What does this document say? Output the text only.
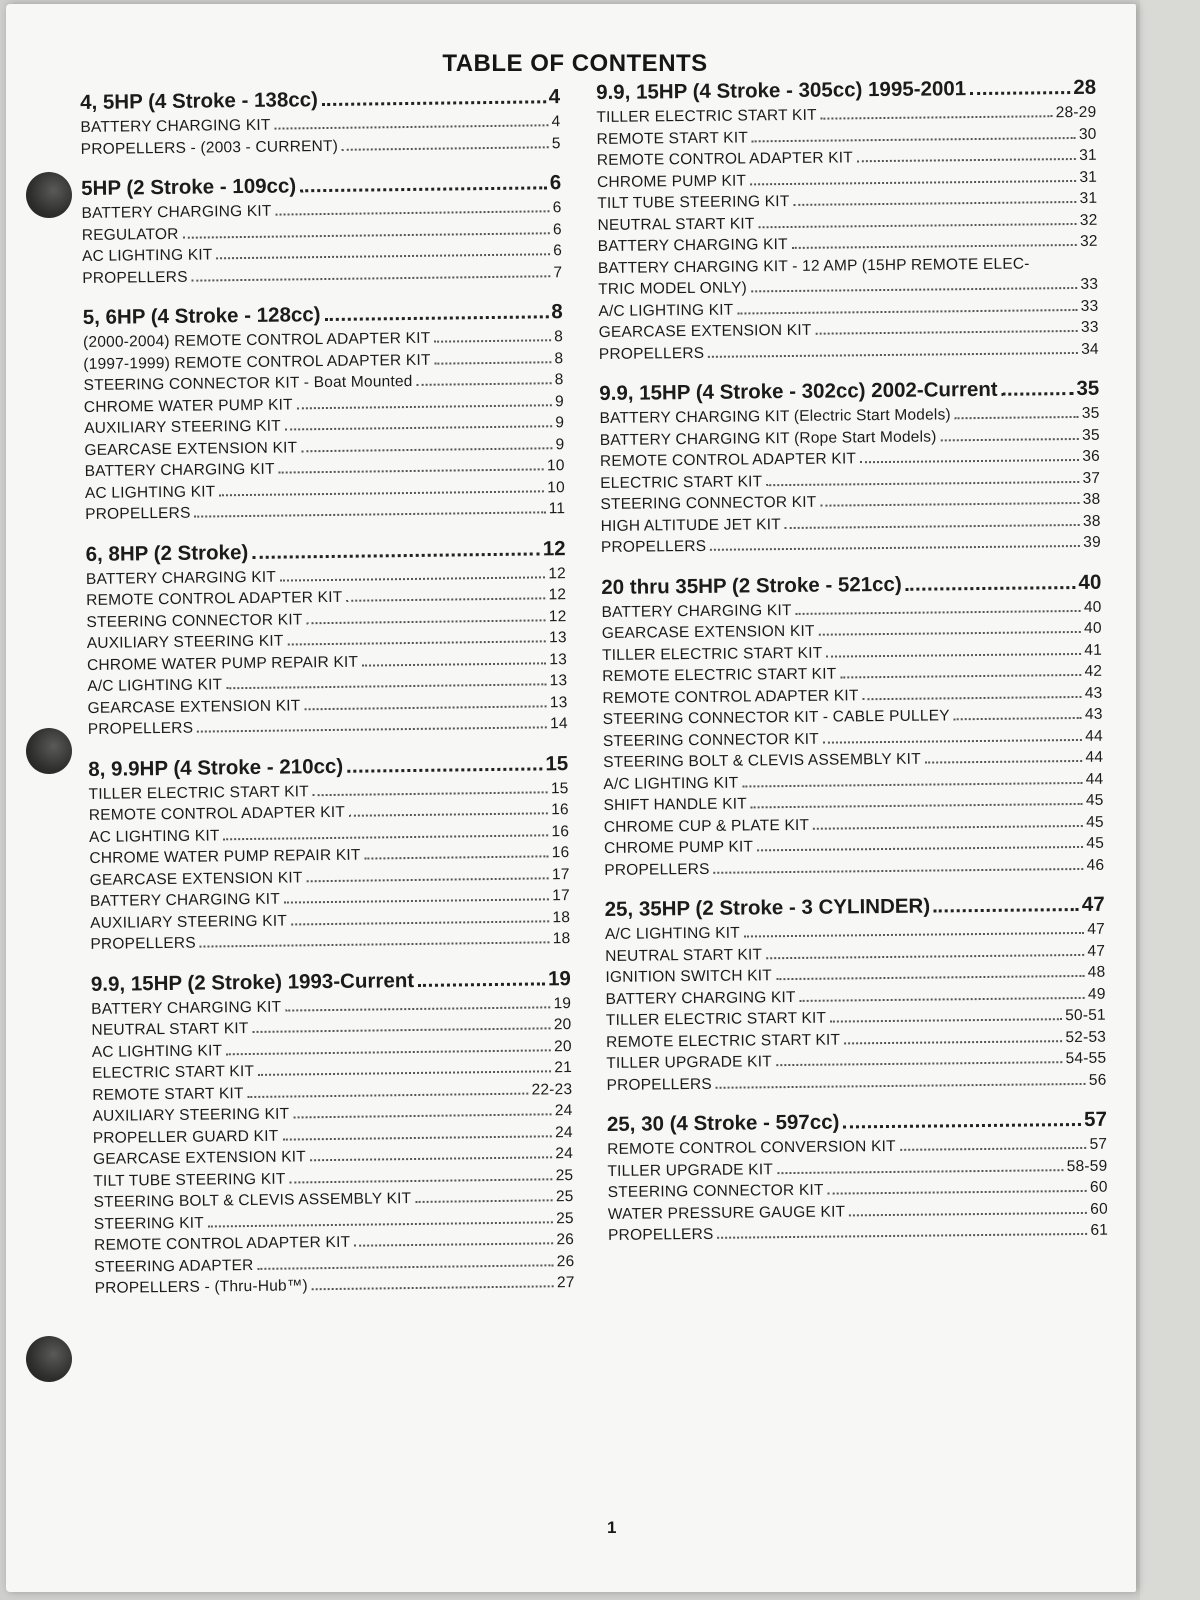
TABLE OF CONTENTS
4, 5HP (4 Stroke - 138cc)	4
BATTERY CHARGING KIT	4
PROPELLERS - (2003 - CURRENT)	5
5HP (2 Stroke - 109cc)	6
BATTERY CHARGING KIT	6
REGULATOR	6
AC LIGHTING KIT	6
PROPELLERS	7
5, 6HP (4 Stroke - 128cc)	8
(2000-2004) REMOTE CONTROL ADAPTER KIT	8
(1997-1999) REMOTE CONTROL ADAPTER KIT	8
STEERING CONNECTOR KIT - Boat Mounted	8
CHROME WATER PUMP KIT	9
AUXILIARY STEERING KIT	9
GEARCASE EXTENSION KIT	9
BATTERY CHARGING KIT	10
AC LIGHTING KIT	10
PROPELLERS	11
6, 8HP (2 Stroke)	12
BATTERY CHARGING KIT	12
REMOTE CONTROL ADAPTER KIT	12
STEERING CONNECTOR KIT	12
AUXILIARY STEERING KIT	13
CHROME WATER PUMP REPAIR KIT	13
A/C LIGHTING KIT	13
GEARCASE EXTENSION KIT	13
PROPELLERS	14
8, 9.9HP (4 Stroke - 210cc)	15
TILLER ELECTRIC START KIT	15
REMOTE CONTROL ADAPTER KIT	16
AC LIGHTING KIT	16
CHROME WATER PUMP REPAIR KIT	16
GEARCASE EXTENSION KIT	17
BATTERY CHARGING KIT	17
AUXILIARY STEERING KIT	18
PROPELLERS	18
9.9, 15HP (2 Stroke) 1993-Current	19
BATTERY CHARGING KIT	19
NEUTRAL START KIT	20
AC LIGHTING KIT	20
ELECTRIC START KIT	21
REMOTE START KIT	22-23
AUXILIARY STEERING KIT	24
PROPELLER GUARD KIT	24
GEARCASE EXTENSION KIT	24
TILT TUBE STEERING KIT	25
STEERING BOLT & CLEVIS ASSEMBLY KIT	25
STEERING KIT	25
REMOTE CONTROL ADAPTER KIT	26
STEERING ADAPTER	26
PROPELLERS - (Thru-Hub™)	27
9.9, 15HP (4 Stroke - 305cc) 1995-2001	28
TILLER ELECTRIC START KIT	28-29
REMOTE START KIT	30
REMOTE CONTROL ADAPTER KIT	31
CHROME PUMP KIT	31
TILT TUBE STEERING KIT	31
NEUTRAL START KIT	32
BATTERY CHARGING KIT	32
BATTERY CHARGING KIT - 12 AMP (15HP REMOTE ELEC-
TRIC MODEL ONLY)	33
A/C LIGHTING KIT	33
GEARCASE EXTENSION KIT	33
PROPELLERS	34
9.9, 15HP (4 Stroke - 302cc) 2002-Current	35
BATTERY CHARGING KIT (Electric Start Models)	35
BATTERY CHARGING KIT (Rope Start Models)	35
REMOTE CONTROL ADAPTER KIT	36
ELECTRIC START KIT	37
STEERING CONNECTOR KIT	38
HIGH ALTITUDE JET KIT	38
PROPELLERS	39
20 thru 35HP (2 Stroke - 521cc)	40
BATTERY CHARGING KIT	40
GEARCASE EXTENSION KIT	40
TILLER ELECTRIC START KIT	41
REMOTE ELECTRIC START KIT	42
REMOTE CONTROL ADAPTER KIT	43
STEERING CONNECTOR KIT - CABLE PULLEY	43
STEERING CONNECTOR KIT	44
STEERING BOLT & CLEVIS ASSEMBLY KIT	44
A/C LIGHTING KIT	44
SHIFT HANDLE KIT	45
CHROME CUP & PLATE KIT	45
CHROME PUMP KIT	45
PROPELLERS	46
25, 35HP (2 Stroke - 3 CYLINDER)	47
A/C LIGHTING KIT	47
NEUTRAL START KIT	47
IGNITION SWITCH KIT	48
BATTERY CHARGING KIT	49
TILLER ELECTRIC START KIT	50-51
REMOTE ELECTRIC START KIT	52-53
TILLER UPGRADE KIT	54-55
PROPELLERS	56
25, 30 (4 Stroke - 597cc)	57
REMOTE CONTROL CONVERSION KIT	57
TILLER UPGRADE KIT	58-59
STEERING CONNECTOR KIT	60
WATER PRESSURE GAUGE KIT	60
PROPELLERS	61
1
